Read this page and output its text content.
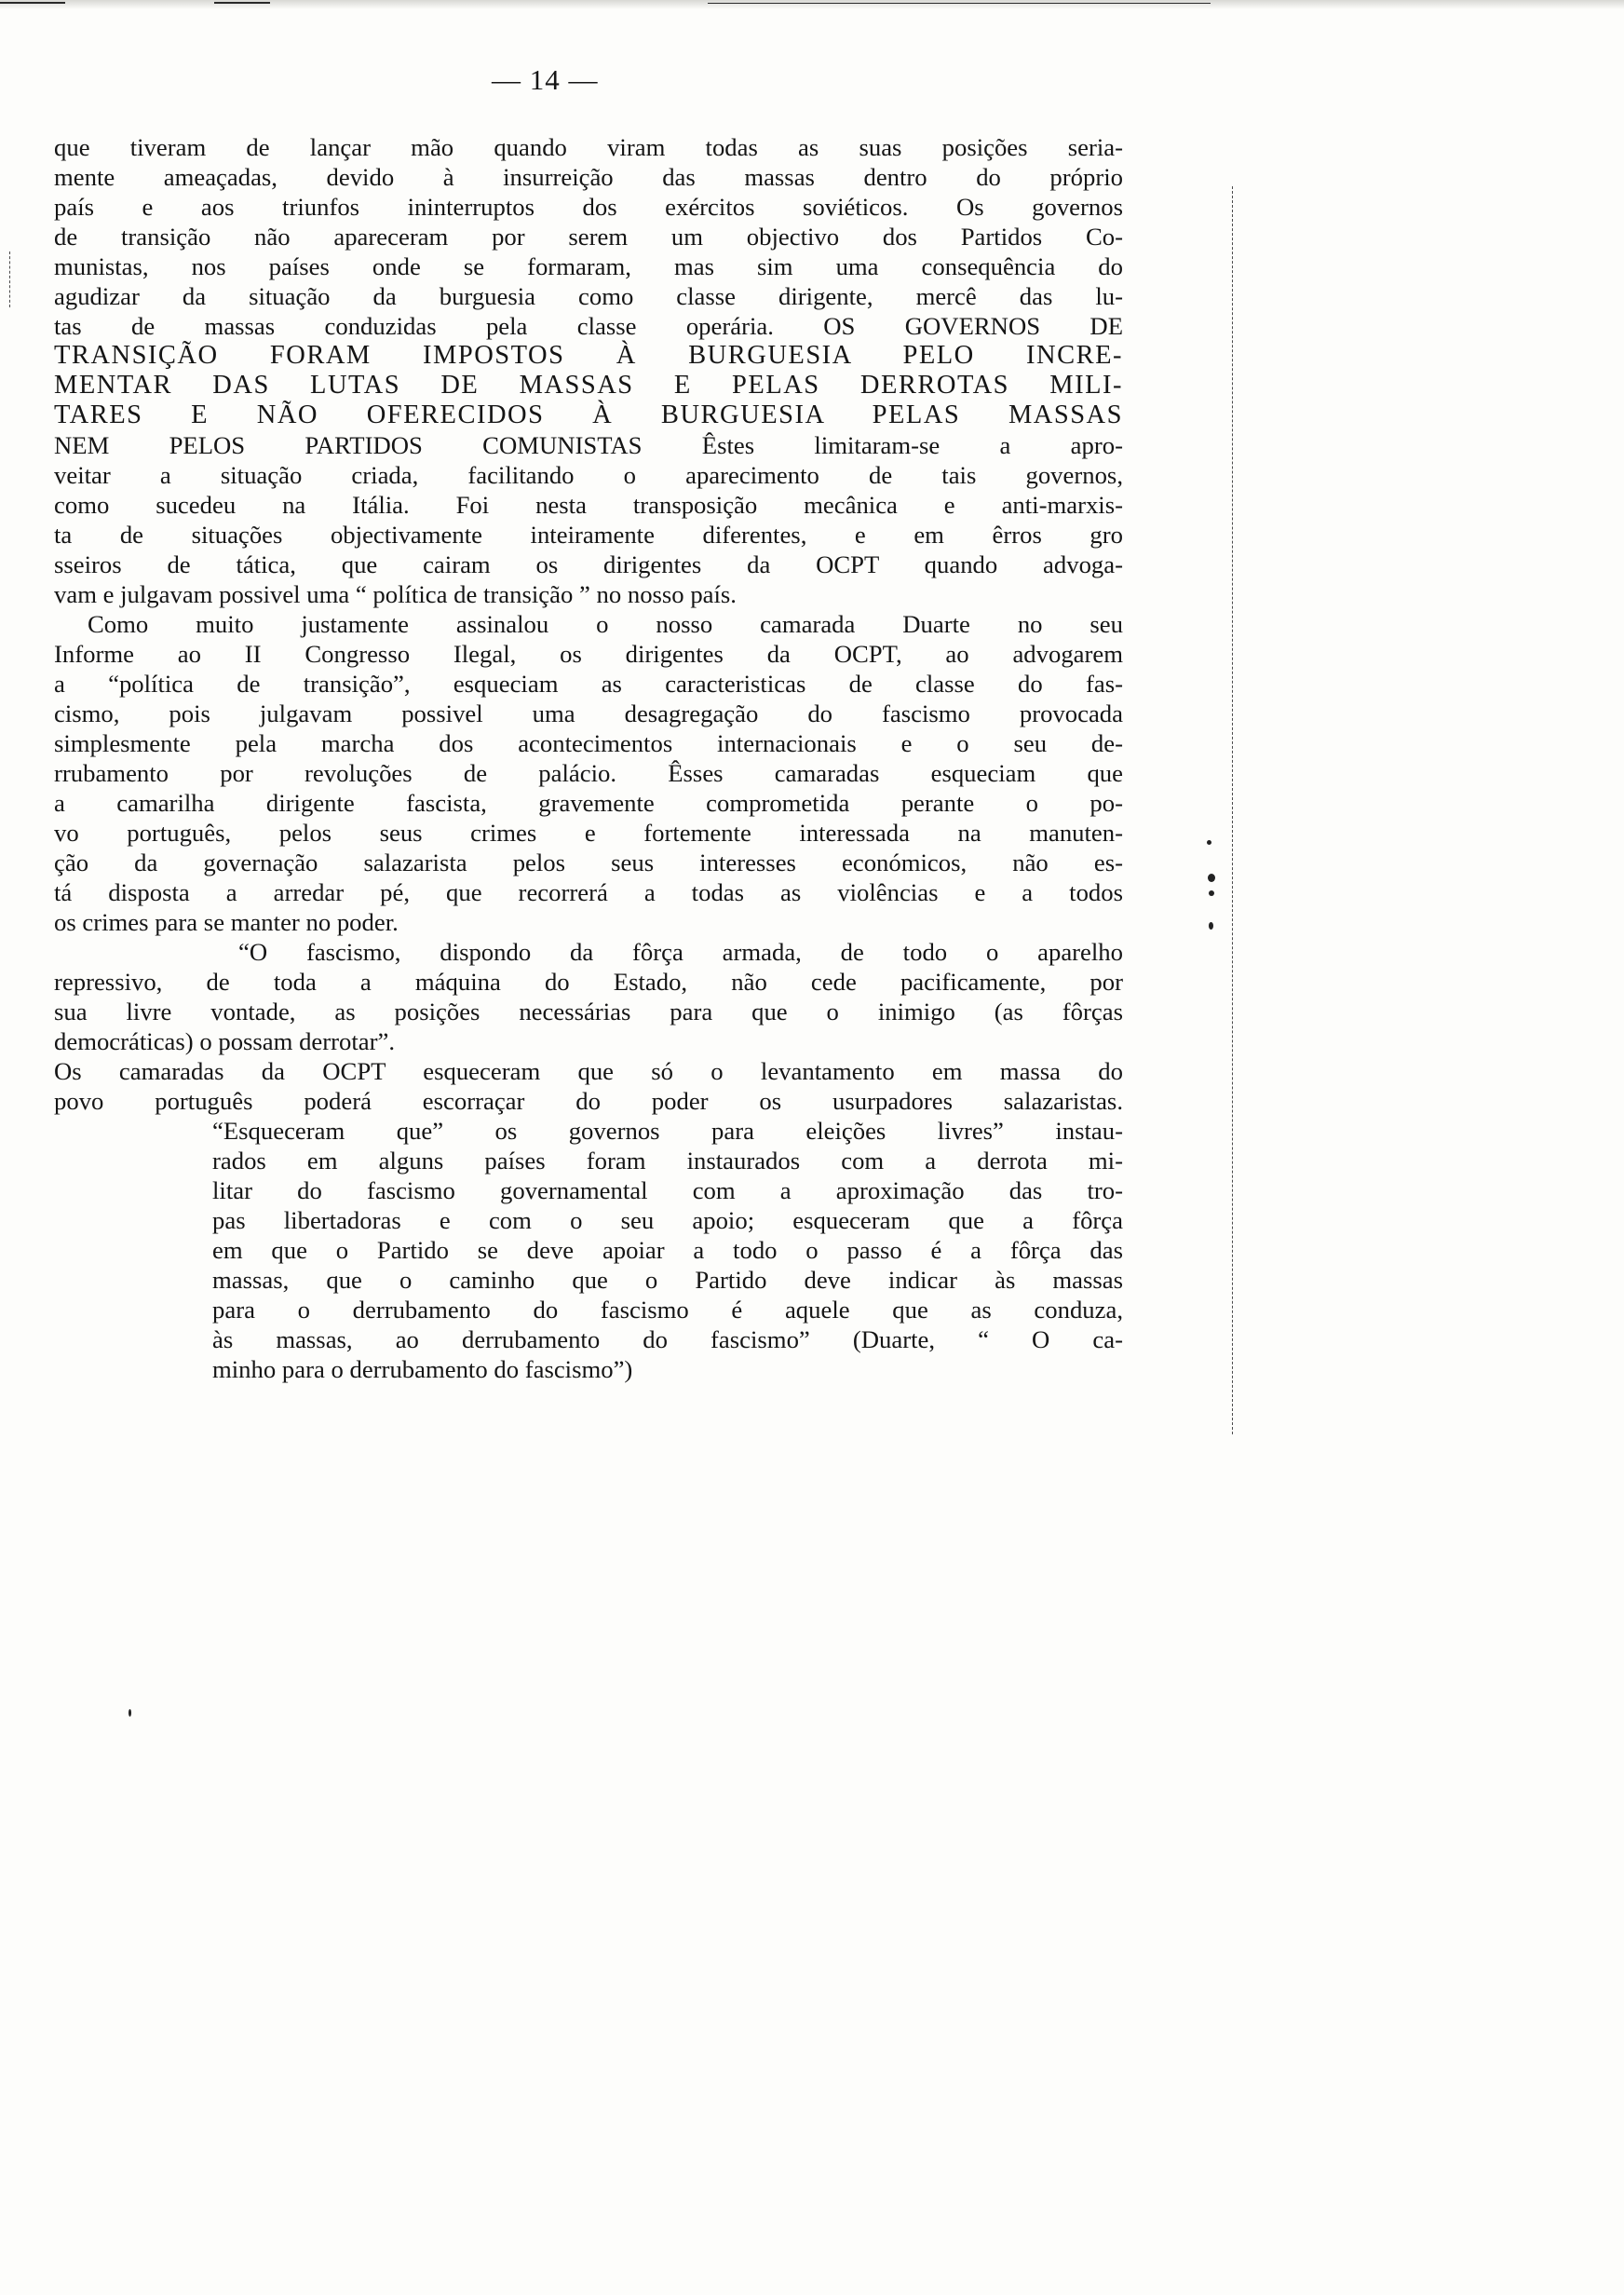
— 14 —
que tiveram de lançar mão quando viram todas as suas posições seria-
mente ameaçadas, devido à insurreição das massas dentro do próprio
país e aos triunfos ininterruptos dos exércitos soviéticos. Os governos
de transição não apareceram por serem um objectivo dos Partidos Co-
munistas, nos países onde se formaram, mas sim uma consequência do
agudizar da situação da burguesia como classe dirigente, mercê das lu-
tas de massas conduzidas pela classe operária. OS GOVERNOS DE
TRANSIÇÃO FORAM IMPOSTOS À BURGUESIA PELO INCRE-
MENTAR DAS LUTAS DE MASSAS E PELAS DERROTAS MILI-
TARES E NÃO OFERECIDOS À BURGUESIA PELAS MASSAS
NEM PELOS PARTIDOS COMUNISTAS Êstes limitaram-se a apro-
veitar a situação criada, facilitando o aparecimento de tais governos,
como sucedeu na Itália. Foi nesta transposição mecânica e anti-marxis-
ta de situações objectivamente inteiramente diferentes, e em êrros gro
sseiros de tática, que cairam os dirigentes da OCPT quando advoga-
vam e julgavam possivel uma “ política de transição ” no nosso país.
Como muito justamente assinalou o nosso camarada Duarte no seu
Informe ao II Congresso Ilegal, os dirigentes da OCPT, ao advogarem
a “política de transição”, esqueciam as caracteristicas de classe do fas-
cismo, pois julgavam possivel uma desagregação do fascismo provocada
simplesmente pela marcha dos acontecimentos internacionais e o seu de-
rrubamento por revoluções de palácio. Êsses camaradas esqueciam que
a camarilha dirigente fascista, gravemente comprometida perante o po-
vo português, pelos seus crimes e fortemente interessada na manuten-
ção da governação salazarista pelos seus interesses económicos, não es-
tá disposta a arredar pé, que recorrerá a todas as violências e a todos
os crimes para se manter no poder.
“O fascismo, dispondo da fôrça armada, de todo o aparelho
repressivo, de toda a máquina do Estado, não cede pacificamente, por
sua livre vontade, as posições necessárias para que o inimigo (as fôrças
democráticas) o possam derrotar”.
Os camaradas da OCPT esqueceram que só o levantamento em massa do
povo português poderá escorraçar do poder os usurpadores salazaristas.
“Esqueceram que” os governos para eleições livres” instau-
rados em alguns países foram instaurados com a derrota mi-
litar do fascismo governamental com a aproximação das tro-
pas libertadoras e com o seu apoio; esqueceram que a fôrça
em que o Partido se deve apoiar a todo o passo é a fôrça das
massas, que o caminho que o Partido deve indicar às massas
para o derrubamento do fascismo é aquele que as conduza,
às massas, ao derrubamento do fascismo” (Duarte, “ O ca-
minho para o derrubamento do fascismo”)
